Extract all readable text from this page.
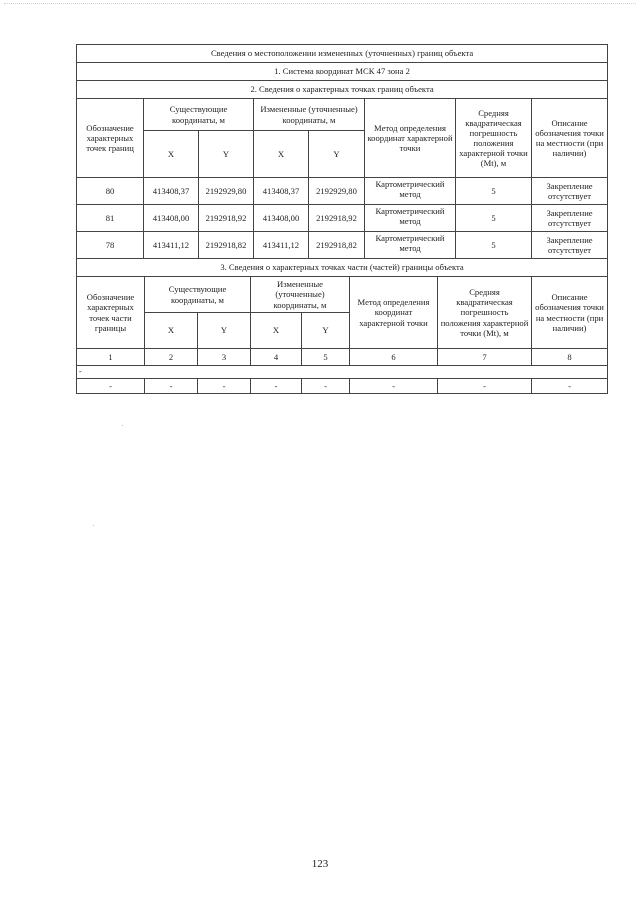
Сведения о местоположении измененных (уточненных) границ объекта							
1. Система координат МСК 47 зона 2							
2. Сведения о характерных точках границ объекта							
Обозначение характерных точек границ	Существующие координаты, м		Измененные (уточненные) координаты, м		Метод определения координат характерной точки	Средняя квадратическая погрешность положения характерной точки (Mt), м	Описание обозначения точки на местности (при наличии)
	X	Y	X	Y			
80	413408,37	2192929,80	413408,37	2192929,80	Картометрический метод	5	Закрепление отсутствует
81	413408,00	2192918,92	413408,00	2192918,92	Картометрический метод	5	Закрепление отсутствует
78	413411,12	2192918,82	413411,12	2192918,82	Картометрический метод	5	Закрепление отсутствует
3. Сведения о характерных точках части (частей) границы объекта							
Обозначение характерных точек части границы	Существующие координаты, м		Измененные (уточненные) координаты, м		Метод определения координат характерной точки	Средняя квадратическая погрешность положения характерной точки (Mt), м	Описание обозначения точки на местности (при наличии)
	X	Y	X	Y			
1	2	3	4	5	6	7	8
-							
-	-	-	-	-	-	-	-
123
